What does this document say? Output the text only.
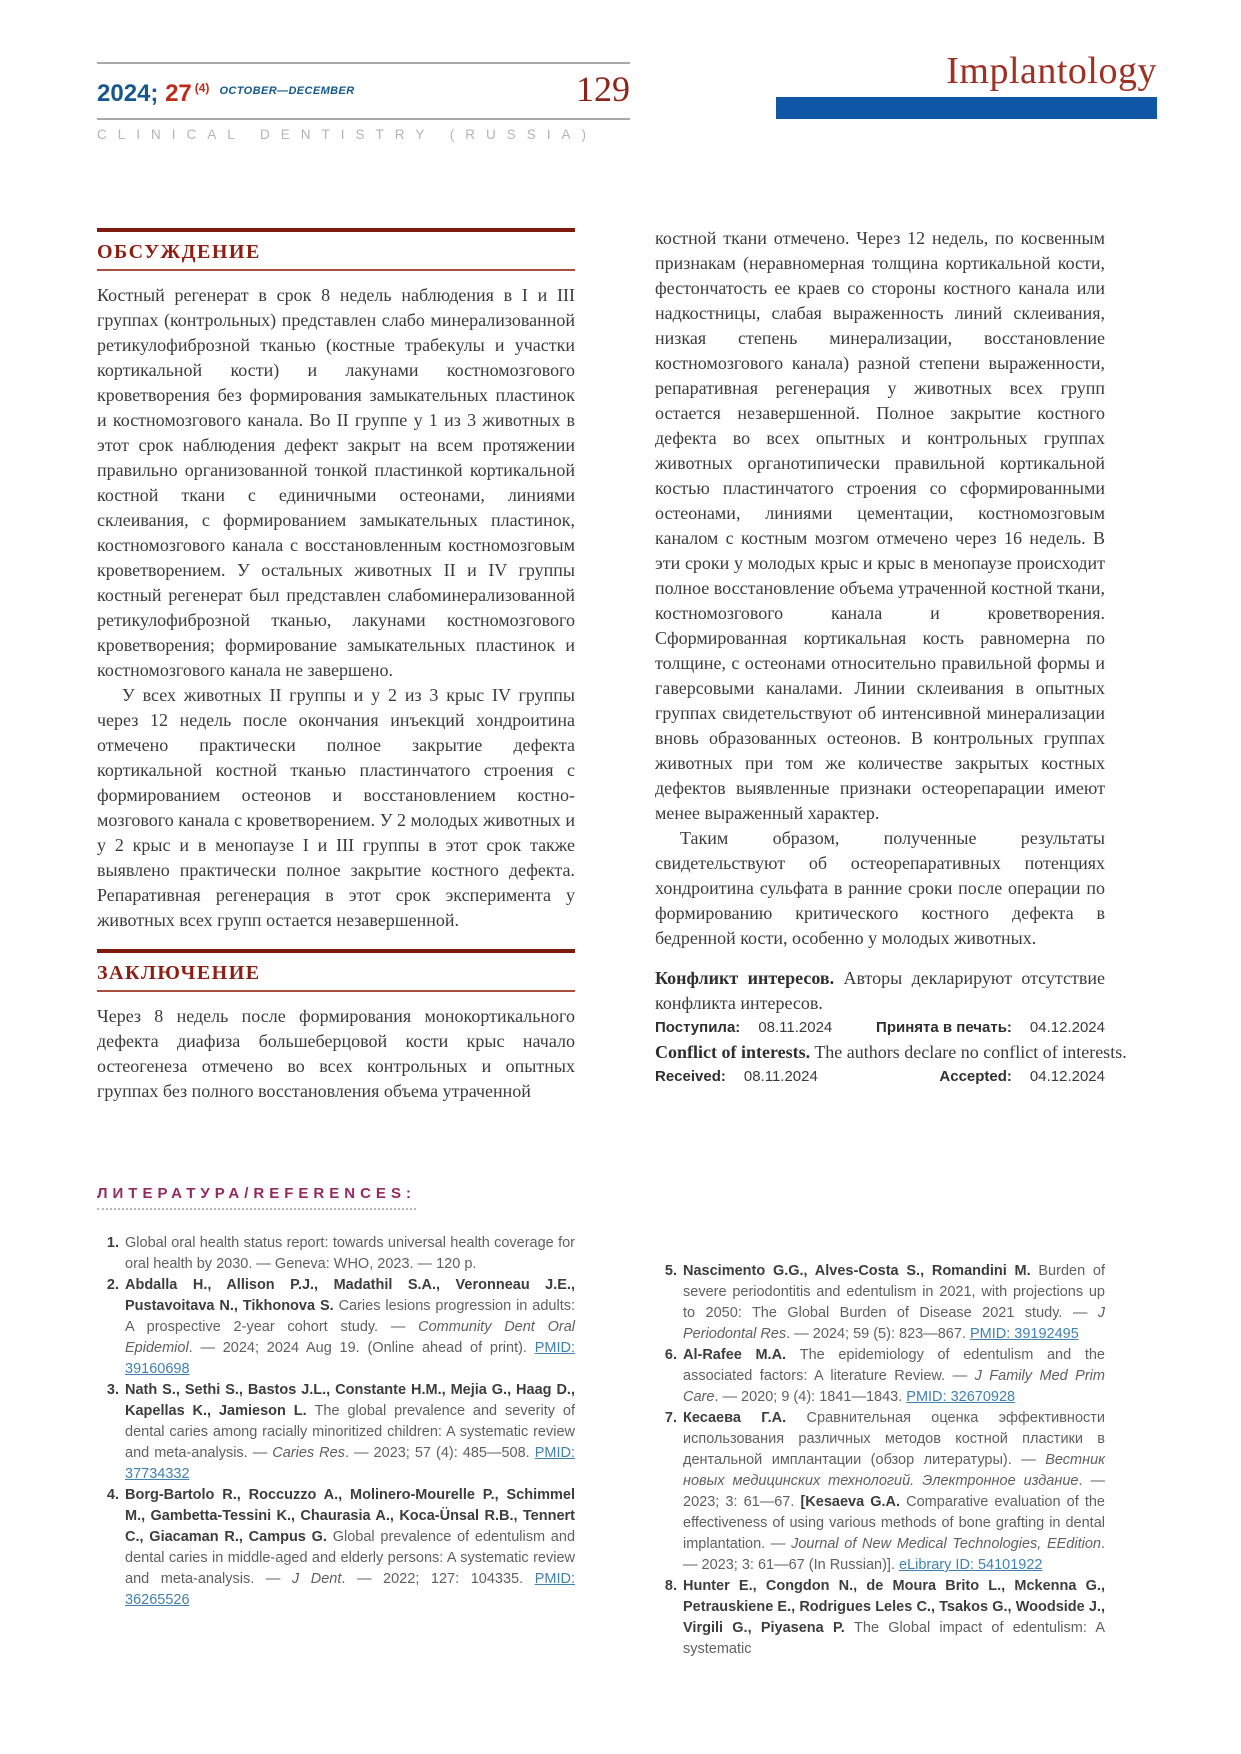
2024; 27 $^{(4)}$ $^{OCTOBER—DECEMBER}$	129
CLINICAL DENTISTRY (RUSSIA)
Implantology
ОБСУЖДЕНИЕ

Костный регенерат в срок 8 недель наблюдения в I и III группах (контрольных) представлен слабо минерализованной ретикулофиброзной тканью (костные трабекулы и участки кортикальной кости) и лакунами костномозгового кроветворения без формирования замыкательных пластинок и костномозгового канала. Во II группе у 1 из 3 животных в этот срок наблюдения дефект закрыт на всем протяжении правильно организованной тонкой пластинкой кортикальной костной ткани с единичными остеонами, линиями склеивания, с формированием замыкательных пластинок, костномозгового канала с восстановленным костномозговым кроветворением. У остальных животных II и IV группы костный регенерат был представлен слабоминерализованной ретикулофиброзной тканью, лакунами костномозгового кроветворения; формирование замыкательных пластинок и костномозгового канала не завершено.

У всех животных II группы и у 2 из 3 крыс IV группы через 12 недель после окончания инъекций хондроитина отмечено практически полное закрытие дефекта кортикальной костной тканью пластинчатого строения с формированием остеонов и восстановлением костно-мозгового канала с кроветворением. У 2 молодых животных и у 2 крыс и в менопаузе I и III группы в этот срок также выявлено практически полное закрытие костного дефекта. Репаративная регенерация в этот срок эксперимента у животных всех групп остается незавершенной.

ЗАКЛЮЧЕНИЕ

Через 8 недель после формирования монокортикального дефекта диафиза большеберцовой кости крыс начало остеогенеза отмечено во всех контрольных и опытных группах без полного восстановления объема утраченной

костной ткани отмечено. Через 12 недель, по косвенным признакам (неравномерная толщина кортикальной кости, фестончатость ее краев со стороны костного канала или надкостницы, слабая выраженность линий склеивания, низкая степень минерализации, восстановление костномозгового канала) разной степени выраженности, репаративная регенерация у животных всех групп остается незавершенной. Полное закрытие костного дефекта во всех опытных и контрольных группах животных органотипически правильной кортикальной костью пластинчатого строения со сформированными остеонами, линиями цементации, костномозговым каналом с костным мозгом отмечено через 16 недель. В эти сроки у молодых крыс и крыс в менопаузе происходит полное восстановление объема утраченной костной ткани, костномозгового канала и кроветворения. Сформированная кортикальная кость равномерна по толщине, с остеонами относительно правильной формы и гаверсовыми каналами. Линии склеивания в опытных группах свидетельствуют об интенсивной минерализации вновь образованных остеонов. В контрольных группах животных при том же количестве закрытых костных дефектов выявленные признаки остеорепарации имеют менее выраженный характер.

Таким образом, полученные результаты свидетельствуют об остеорепаративных потенциях хондроитина сульфата в ранние сроки после операции по формированию критического костного дефекта в бедренной кости, особенно у молодых животных.

Конфликт интересов. Авторы декларируют отсутствие конфликта интересов.

Поступила: 08.11.2024	Принята в печать: 04.12.2024

Conflict of interests. The authors declare no conflict of interests.

Received: 08.11.2024	Accepted: 04.12.2024
ЛИТЕРАТУРА/REFERENCES:
1. Global oral health status report: towards universal health coverage for oral health by 2030. — Geneva: WHO, 2023. — 120 p.
2. Abdalla H., Allison P.J., Madathil S.A., Veronneau J.E., Pustavoitava N., Tikhonova S. Caries lesions progression in adults: A prospective 2-year cohort study. — Community Dent Oral Epidemiol. — 2024; 2024 Aug 19. (Online ahead of print). PMID: 39160698
3. Nath S., Sethi S., Bastos J.L., Constante H.M., Mejia G., Haag D., Kapellas K., Jamieson L. The global prevalence and severity of dental caries among racially minoritized children: A systematic review and meta-analysis. — Caries Res. — 2023; 57 (4): 485—508. PMID: 37734332
4. Borg-Bartolo R., Roccuzzo A., Molinero-Mourelle P., Schimmel M., Gambetta-Tessini K., Chaurasia A., Koca-Ünsal R.B., Tennert C., Giacaman R., Campus G. Global prevalence of edentulism and dental caries in middle-aged and elderly persons: A systematic review and meta-analysis. — J Dent. — 2022; 127: 104335. PMID: 36265526
5. Nascimento G.G., Alves-Costa S., Romandini M. Burden of severe periodontitis and edentulism in 2021, with projections up to 2050: The Global Burden of Disease 2021 study. — J Periodontal Res. — 2024; 59 (5): 823—867. PMID: 39192495
6. Al-Rafee M.A. The epidemiology of edentulism and the associated factors: A literature Review. — J Family Med Prim Care. — 2020; 9 (4): 1841—1843. PMID: 32670928
7. Кесаева Г.А. Сравнительная оценка эффективности использования различных методов костной пластики в дентальной имплантации (обзор литературы). — Вестник новых медицинских технологий. Электронное издание. — 2023; 3: 61—67. [Kesaeva G.A. Comparative evaluation of the effectiveness of using various methods of bone grafting in dental implantation. — Journal of New Medical Technologies, EEdition. — 2023; 3: 61—67 (In Russian)]. eLibrary ID: 54101922
8. Hunter E., Congdon N., de Moura Brito L., Mckenna G., Petrauskiene E., Rodrigues Leles C., Tsakos G., Woodside J., Virgili G., Piyasena P. The Global impact of edentulism: A systematic
